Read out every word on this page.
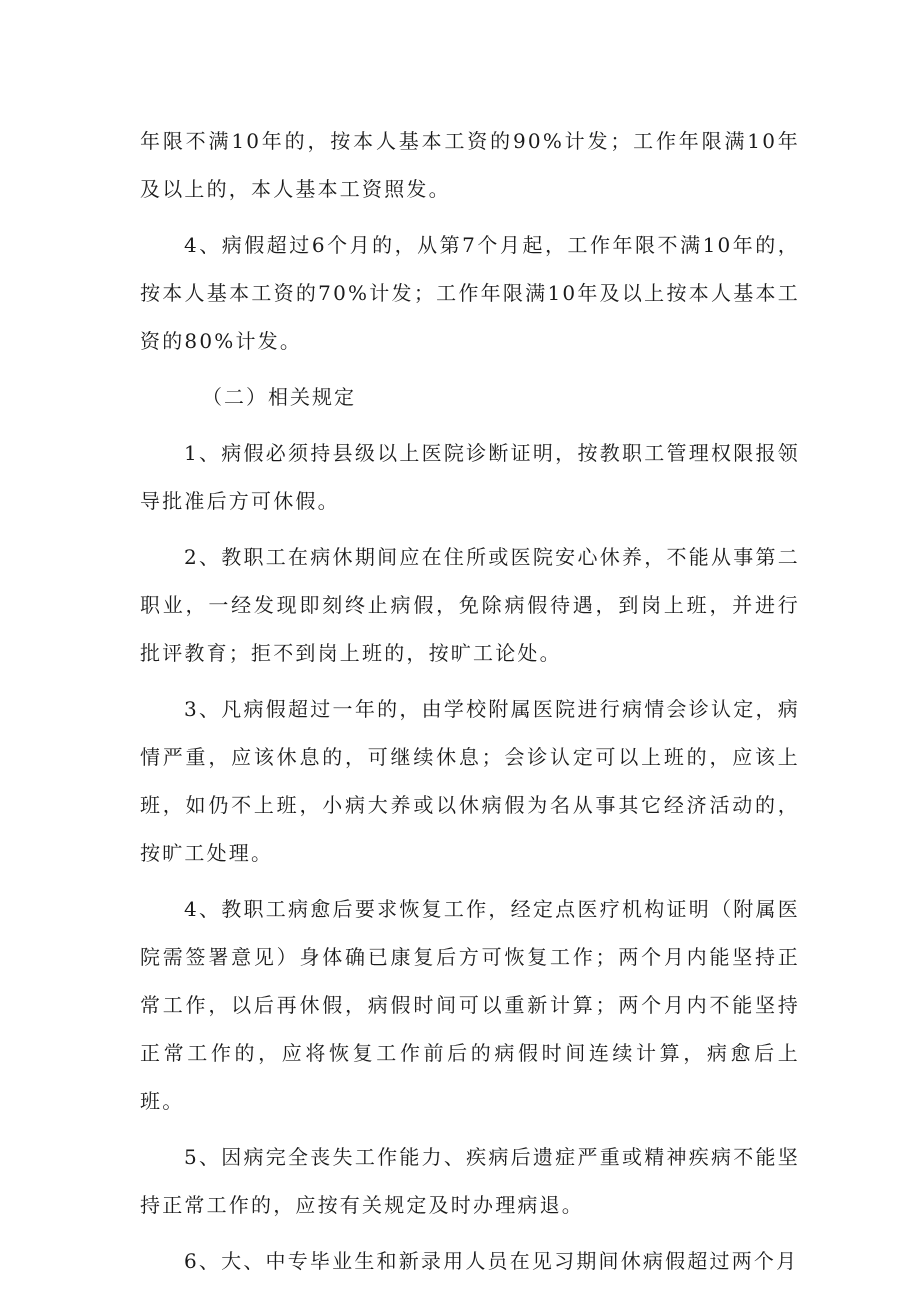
年限不满10年的，按本人基本工资的90%计发；工作年限满10年及以上的，本人基本工资照发。

4、病假超过6个月的，从第7个月起，工作年限不满10年的，按本人基本工资的70%计发；工作年限满10年及以上按本人基本工资的80%计发。

（二）相关规定

1、病假必须持县级以上医院诊断证明，按教职工管理权限报领导批准后方可休假。

2、教职工在病休期间应在住所或医院安心休养，不能从事第二职业，一经发现即刻终止病假，免除病假待遇，到岗上班，并进行批评教育；拒不到岗上班的，按旷工论处。

3、凡病假超过一年的，由学校附属医院进行病情会诊认定，病情严重，应该休息的，可继续休息；会诊认定可以上班的，应该上班，如仍不上班，小病大养或以休病假为名从事其它经济活动的，按旷工处理。

4、教职工病愈后要求恢复工作，经定点医疗机构证明（附属医院需签署意见）身体确已康复后方可恢复工作；两个月内能坚持正常工作，以后再休假，病假时间可以重新计算；两个月内不能坚持正常工作的，应将恢复工作前后的病假时间连续计算，病愈后上班。

5、因病完全丧失工作能力、疾病后遗症严重或精神疾病不能坚持正常工作的，应按有关规定及时办理病退。

6、大、中专毕业生和新录用人员在见习期间休病假超过两个月
